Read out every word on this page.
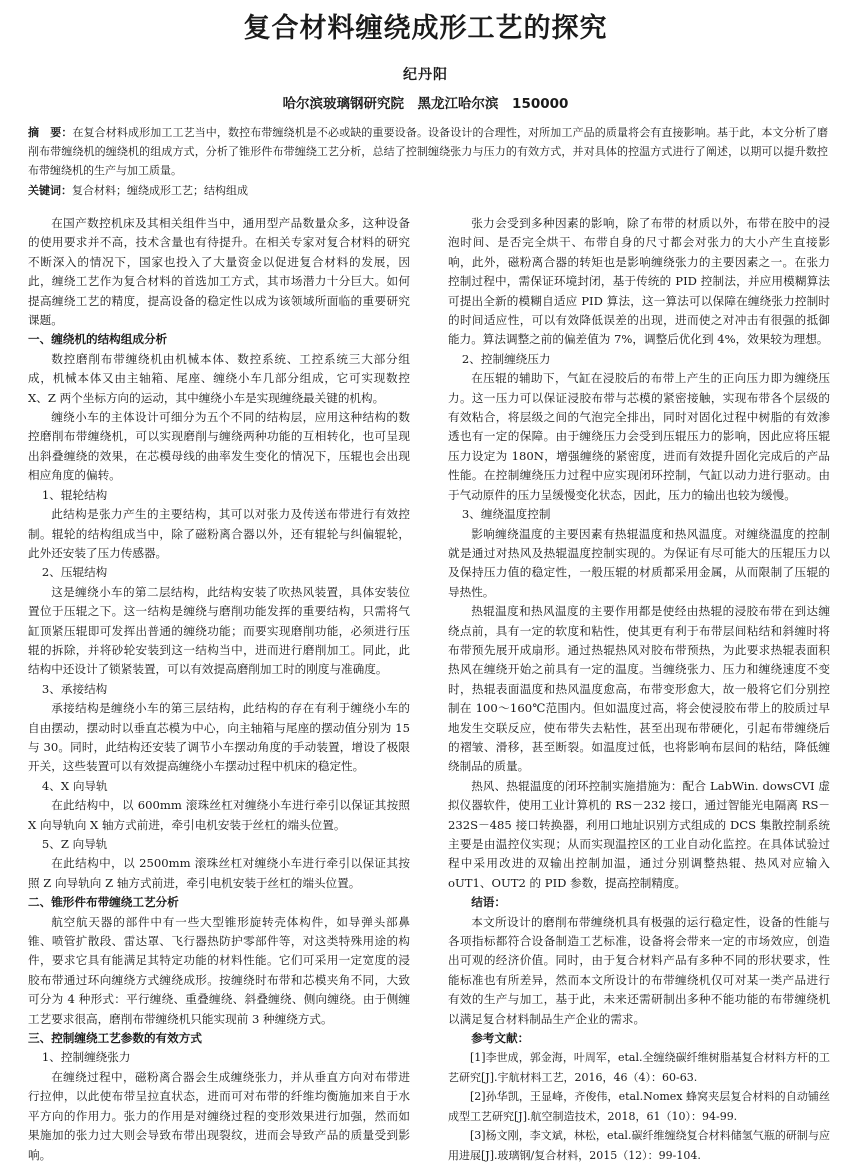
复合材料缠绕成形工艺的探究
纪丹阳
哈尔滨玻璃钢研究院　黑龙江哈尔滨　150000
摘　要：在复合材料成形加工工艺当中，数控布带缠绕机是不必或缺的重要设备。设备设计的合理性，对所加工产品的质量将会有直接影响。基于此，本文分析了磨削布带缠绕机的缠绕机的组成方式，分析了锥形件布带缠绕工艺分析，总结了控制缠绕张力与压力的有效方式，并对具体的控温方式进行了阐述，以期可以提升数控布带缠绕机的生产与加工质量。
关键词：复合材料；缠绕成形工艺；结构组成

在国产数控机床及其相关组件当中，通用型产品数量众多，这种设备的使用要求并不高，技术含量也有待提升。在相关专家对复合材料的研究不断深入的情况下，国家也投入了大量资金以促进复合材料的发展，因此，缠绕工艺作为复合材料的首选加工方式，其市场潜力十分巨大。如何提高缠绕工艺的精度，提高设备的稳定性以成为该领域所面临的重要研究课题。

一、缠绕机的结构组成分析

数控磨削布带缠绕机由机械本体、数控系统、工控系统三大部分组成，机械本体又由主轴箱、尾座、缠绕小车几部分组成，它可实现数控 X、Z 两个坐标方向的运动，其中缠绕小车是实现缠绕最关键的机构。

缠绕小车的主体设计可细分为五个不同的结构层，应用这种结构的数控磨削布带缠绕机，可以实现磨削与缠绕两种功能的互相转化，也可呈现出斜叠缠绕的效果，在芯模母线的曲率发生变化的情况下，压辊也会出现相应角度的偏转。

1、辊轮结构

此结构是张力产生的主要结构，其可以对张力及传送布带进行有效控制。辊轮的结构组成当中，除了磁粉离合器以外，还有辊轮与纠偏辊轮，此外还安装了压力传感器。

2、压辊结构

这是缠绕小车的第二层结构，此结构安装了吹热风装置，具体安装位置位于压辊之下。这一结构是缠绕与磨削功能发挥的重要结构，只需将气缸顶紧压辊即可发挥出普通的缠绕功能；而要实现磨削功能，必须进行压辊的拆除，并将砂轮安装到这一结构当中，进而进行磨削加工。同此，此结构中还设计了锁紧装置，可以有效提高磨削加工时的刚度与准确度。

3、承接结构

承接结构是缠绕小车的第三层结构，此结构的存在有利于缠绕小车的自由摆动，摆动时以垂直芯模为中心，向主轴箱与尾座的摆动值分别为 15 与 30。同时，此结构还安装了调节小车摆动角度的手动装置，增设了极限开关，这些装置可以有效提高缠绕小车摆动过程中机床的稳定性。

4、X 向导轨

在此结构中，以 600mm 滚珠丝杠对缠绕小车进行牵引以保证其按照 X 向导轨向 X 轴方式前进，牵引电机安装于丝杠的端头位置。

5、Z 向导轨

在此结构中，以 2500mm 滚珠丝杠对缠绕小车进行牵引以保证其按照 Z 向导轨向 Z 轴方式前进，牵引电机安装于丝杠的端头位置。

二、锥形件布带缠绕工艺分析

航空航天器的部件中有一些大型锥形旋转壳体构件，如导弹头部鼻锥、喷管扩散段、雷达罩、飞行器热防护零部件等，对这类特殊用途的构件，要求它具有能满足其特定功能的材料性能。它们可采用一定宽度的浸胶布带通过环向缠绕方式缠绕成形。按缠绕时布带和芯模夹角不同，大致可分为 4 种形式：平行缠绕、重叠缠绕、斜叠缠绕、侧向缠绕。由于侧缠工艺要求很高，磨削布带缠绕机只能实现前 3 种缠绕方式。

三、控制缠绕工艺参数的有效方式

1、控制缠绕张力

在缠绕过程中，磁粉离合器会生成缠绕张力，并从垂直方向对布带进行拉伸，以此使布带呈拉直状态，进而可对布带的纤维均衡施加来自于水平方向的作用力。张力的作用是对缠绕过程的变形效果进行加强，然而如果施加的张力过大则会导致布带出现裂纹，进而会导致产品的质量受到影响。

张力会受到多种因素的影响，除了布带的材质以外，布带在胶中的浸泡时间、是否完全烘干、布带自身的尺寸都会对张力的大小产生直接影响，此外，磁粉离合器的转矩也是影响缠绕张力的主要因素之一。在张力控制过程中，需保证环境封闭，基于传统的 PID 控制法，并应用模糊算法可提出全新的模糊自适应 PID 算法，这一算法可以保障在缠绕张力控制时的时间适应性，可以有效降低误差的出现，进而使之对冲击有很强的抵御能力。算法调整之前的偏差值为 7%，调整后优化到 4%，效果较为理想。

2、控制缠绕压力

在压辊的辅助下，气缸在浸胶后的布带上产生的正向压力即为缠绕压力。这一压力可以保证浸胶布带与芯模的紧密接触，实现布带各个层级的有效粘合，将层级之间的气泡完全排出，同时对固化过程中树脂的有效渗透也有一定的保障。由于缠绕压力会受到压辊压力的影响，因此应将压辊压力设定为 180N，增强缠绕的紧密度，进而有效提升固化完成后的产品性能。在控制缠绕压力过程中应实现闭环控制，气缸以动力进行驱动。由于气动原件的压力呈缓慢变化状态，因此，压力的输出也较为缓慢。

3、缠绕温度控制

影响缠绕温度的主要因素有热辊温度和热风温度。对缠绕温度的控制就是通过对热风及热辊温度控制实现的。为保证有尽可能大的压辊压力以及保持压力值的稳定性，一般压辊的材质都采用金属，从而限制了压辊的导热性。

热辊温度和热风温度的主要作用都是使经由热辊的浸胶布带在到达缠绕点前，具有一定的软度和粘性，使其更有利于布带层间粘结和斜缠时将布带预先展开成扇形。通过热辊热风对胶布带预热，为此要求热辊表面积热风在缠绕开始之前具有一定的温度。当缠绕张力、压力和缠绕速度不变时，热辊表面温度和热风温度愈高，布带变形愈大，故一般将它们分别控制在 100～160℃范围内。但如温度过高，将会使浸胶布带上的胶质过早地发生交联反应，使布带失去粘性，甚至出现布带硬化，引起布带缠绕后的褶皱、滑移，甚至断裂。如温度过低，也将影响布层间的粘结，降低缠绕制品的质量。

热风、热辊温度的闭环控制实施措施为：配合 LabWin. dowsCVI 虚拟仪器软件，使用工业计算机的 RS－232 接口，通过智能光电隔离 RS－232S－485 接口转换器，利用口地址识别方式组成的 DCS 集散控制系统主要是由温控仪实现；从而实现温控区的工业自动化监控。在具体试验过程中采用改进的双输出控制加温，通过分别调整热辊、热风对应输入 oUT1、OUT2 的 PID 参数，提高控制精度。

结语：

本文所设计的磨削布带缠绕机具有极强的运行稳定性，设备的性能与各项指标都符合设备制造工艺标准，设备将会带来一定的市场效应，创造出可观的经济价值。同时，由于复合材料产品有多种不同的形状要求，性能标准也有所差异，然而本文所设计的布带缠绕机仅可对某一类产品进行有效的生产与加工，基于此，未来还需研制出多种不能功能的布带缠绕机以满足复合材料制品生产企业的需求。

参考文献：

[1]李世成，郭金海，叶周军，etal.全缠绕碳纤维树脂基复合材料方杆的工艺研究[J].宇航材料工艺，2016，46（4）：60-63.

[2]孙华凯，王显峰，齐俊伟，etal.Nomex 蜂窝夹层复合材料的自动铺丝成型工艺研究[J].航空制造技术，2018，61（10）：94-99.

[3]杨文刚，李文斌，林松，etal.碳纤维缠绕复合材料储氢气瓶的研制与应用进展[J].玻璃钢/复合材料，2015（12）：99-104.
